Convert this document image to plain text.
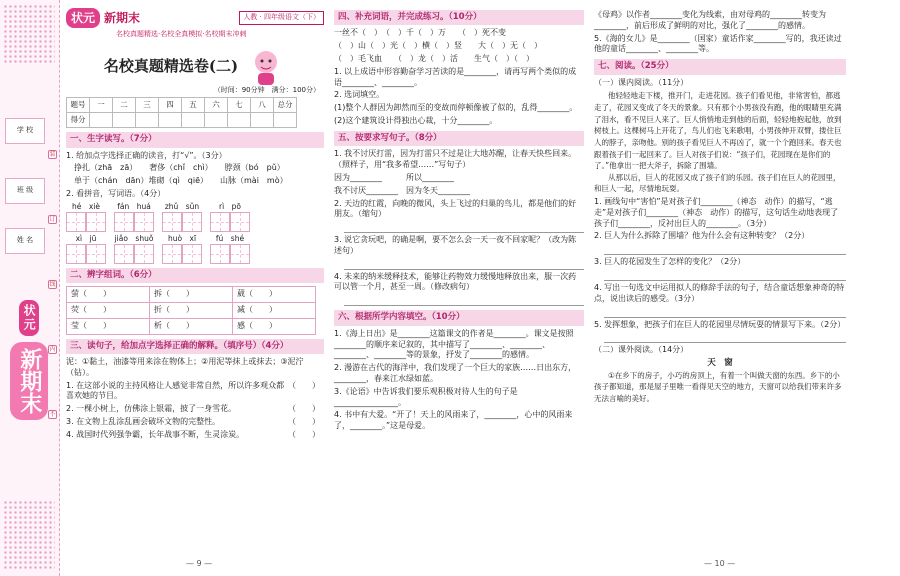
学 校
班 级
姓 名
装
订
线
内
不
状元
新期末
状元 新期末	人教 · 四年级语文（下）
名校真题精选·名校全真模拟·名校期末冲刺
名校真题精选卷(二)
（时间：90分钟　满分：100分）
题号	一	二	三	四	五	六	七	八	总分
得分									
一、生字读写。（7分）
1. 给加点字选择正确的读音，打“√”。（3分）
挣扎（zhā　zā）　　奢侈（chǐ　chì）　　脖颈（bó　pǔ）
单于（chán　dān）堆砌（qì　qiē）　　山脉（mài　mò）
2. 看拼音，写词语。（4分）
hé　xiè fán　huá zhǔ　sǔn	rì　pō
xì　jū jiǎo　shuǒ huò　xī	fú　shé
二、辨字组词。（6分）
萤（　　）	拆（　　）	葳（　　）
荧（　　）	折（　　）	减（　　）
莹（　　）	析（　　）	感（　　）
三、读句子，给加点字选择正确的解释。（填序号）（4分）
泥：①黏土，油漆等用来涂在物体上；②用泥等抹上或抹去；③泥泞（钻）。
（　　）
1. 在这部小说的主持风格让人感觉非常自然，所以许多观众都喜欢她的节目。
（　　）
2. 一棵小树上，仿佛涂上银霜，披了一身雪花。
（　　）
3. 在文物上乱涂乱画会破坏文物的完整性。
（　　）
4. 战国时代列强争霸，长年战事不断，生灵涂炭。
— 9 —
四、补充词语，并完成练习。（10分）
一丝不（　）　（　）千（　）万　　（　）死不变
（　）山（　）光（　）横（　）竖　　大（　）无（　）
（　）毛飞血　　（　）龙（　）活　　生气（　）（　）
1. 以上成语中形容勤奋学习苦读的是________，请再写两个类似的成语________、________。
2. 选词填空。
(1)整个人群因为卸然而至的变故而停顿像被了似的，乱得________。
(2)这个建筑设计得独出心裁，十分________。
五、按要求写句子。（8分）
1. 我不讨厌打雷，因为打雷只不过是让大地苏醒，让春天快些回来。（照样子，用“我多希望……”写句子）
因为________　　　所以________
我不讨厌________　因为冬天________
2. 天边的红霞，向晚的微风，头上飞过的归巢的鸟儿，都是他们的好朋友。（缩句）
3. 说它贪玩吧，的确是啊，要不怎么会一天一夜不回家呢？（改为陈述句）
4. 未来的纳米缓释技术，能够让药物效力缓慢地释放出来，服一次药可以管一个月，甚至一周。（修改病句）
六、根据所学内容填空。（10分）
1.《海上日出》是________这篇课文的作者是________。课文是按照________的顺序来记叙的，其中描写了________、________、________、________等的景象，抒发了________的感情。
2. 漫游在古代的海洋中，我们发现了一个巨大的家族……日出东方，________，春来江水绿如蓝。
3.《论语》中告诉我们要乐观积极对待人生的句子是________________。
4. 书中有大爱。“开了！天上的风雨来了，________，心中的风雨来了，________。”这是母爱。
《母鸡》以作者________变化为线索，由对母鸡的________转变为________，前后形成了鲜明的对比，强化了________的感情。
5.《海的女儿》是________（国家）童话作家________写的，我还读过他的童话________、________等。
七、阅读。（25分）
（一）课内阅读。（11分）
他轻轻地走下楼，推开门，走进花园。孩子们看见他，非常害怕，都逃走了，花园又变成了冬天的景象。只有那个小男孩没有跑，他的眼睛里充满了泪水，看不见巨人来了。巨人悄悄地走到他的后面，轻轻地抱起他，放到树枝上。这棵树马上开花了，鸟儿们也飞来歌唱，小男孩伸开双臂，搂住巨人的脖子，亲吻他。别的孩子看见巨人不再凶了，就一个个跑回来。春天也跟着孩子们一起回来了。巨人对孩子们说：“孩子们，花园现在是你们的了。”他拿出一把大斧子，拆除了围墙。
从那以后，巨人的花园又成了孩子们的乐园。孩子们在巨人的花园里，和巨人一起，尽情地玩耍。
1. 画线句中“害怕”是对孩子们________（神态　动作）的描写，“逃走”是对孩子们________（神态　动作）的描写，这句话生动地表现了孩子们________，反衬出巨人的________。（3分）
2. 巨人为什么拆除了围墙？他为什么会有这种转变？（2分）
3. 巨人的花园发生了怎样的变化？（2分）
4. 写出一句选文中运用拟人的修辞手法的句子，结合童话想象神奇的特点，说出读后的感受。（3分）
5. 发挥想象，把孩子们在巨人的花园里尽情玩耍的情景写下来。（2分）
（二）课外阅读。（14分）
天　窗
①在乡下的房子，小巧的房顶上，有着一个叫做天窗的东西。乡下的小孩子都知道，那是屋子里唯一看得见天空的地方，天窗可以给我们带来许多无法言喻的美好。
— 10 —
